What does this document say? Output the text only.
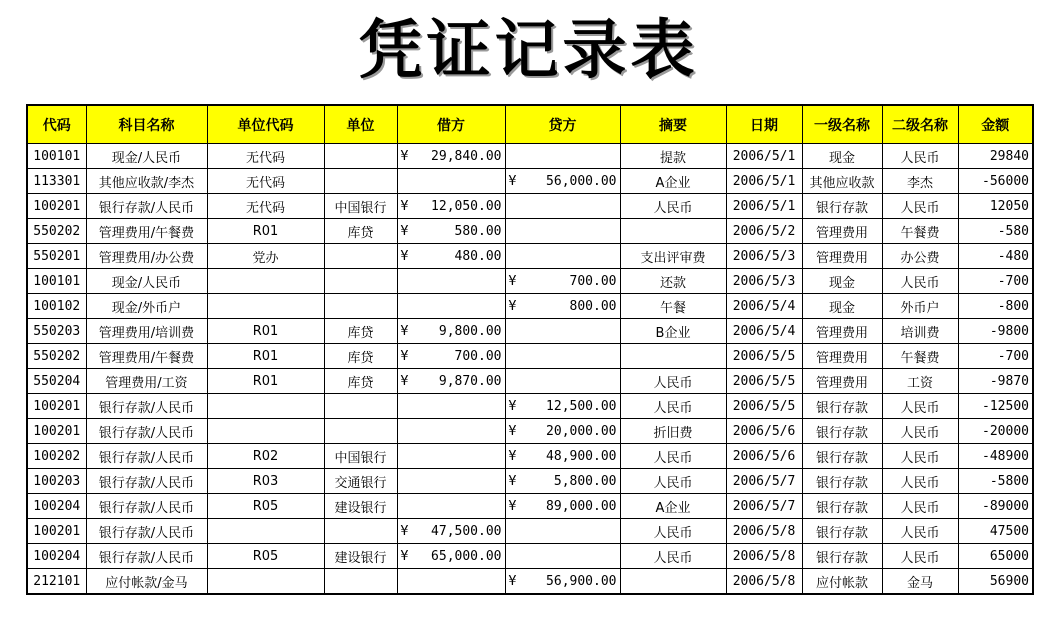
凭证记录表
代码	科目名称	单位代码	单位	借方	贷方	摘要	日期	一级名称	二级名称	金额
100101	现金/人民币	无代码		¥ 29,840.00		提款	2006/5/1	现金	人民币	29840
113301	其他应收款/李杰	无代码			¥ 56,000.00	A企业	2006/5/1	其他应收款	李杰	-56000
100201	银行存款/人民币	无代码	中国银行	¥ 12,050.00		人民币	2006/5/1	银行存款	人民币	12050
550202	管理费用/午餐费	R01	库贷	¥ 580.00			2006/5/2	管理费用	午餐费	-580
550201	管理费用/办公费	党办		¥ 480.00		支出评审费	2006/5/3	管理费用	办公费	-480
100101	现金/人民币				¥ 700.00	还款	2006/5/3	现金	人民币	-700
100102	现金/外币户				¥ 800.00	午餐	2006/5/4	现金	外币户	-800
550203	管理费用/培训费	R01	库贷	¥ 9,800.00		B企业	2006/5/4	管理费用	培训费	-9800
550202	管理费用/午餐费	R01	库贷	¥ 700.00			2006/5/5	管理费用	午餐费	-700
550204	管理费用/工资	R01	库贷	¥ 9,870.00		人民币	2006/5/5	管理费用	工资	-9870
100201	银行存款/人民币				¥ 12,500.00	人民币	2006/5/5	银行存款	人民币	-12500
100201	银行存款/人民币				¥ 20,000.00	折旧费	2006/5/6	银行存款	人民币	-20000
100202	银行存款/人民币	R02	中国银行		¥ 48,900.00	人民币	2006/5/6	银行存款	人民币	-48900
100203	银行存款/人民币	R03	交通银行		¥ 5,800.00	人民币	2006/5/7	银行存款	人民币	-5800
100204	银行存款/人民币	R05	建设银行		¥ 89,000.00	A企业	2006/5/7	银行存款	人民币	-89000
100201	银行存款/人民币			¥ 47,500.00		人民币	2006/5/8	银行存款	人民币	47500
100204	银行存款/人民币	R05	建设银行	¥ 65,000.00		人民币	2006/5/8	银行存款	人民币	65000
212101	应付帐款/金马				¥ 56,900.00		2006/5/8	应付帐款	金马	56900
